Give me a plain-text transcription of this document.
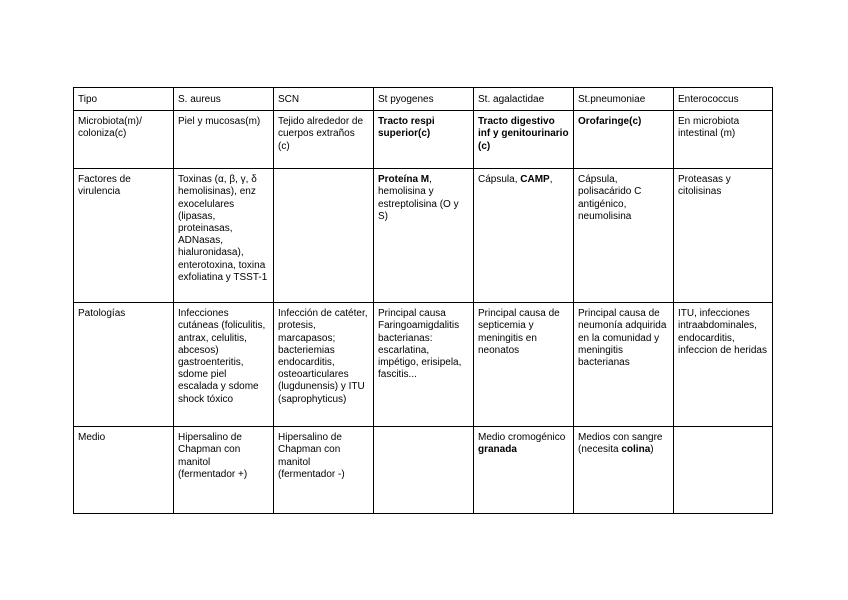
Tipo	S. aureus	SCN	St pyogenes	St. agalactidae	St.pneumoniae	Enterococcus
Microbiota(m)/ colonizа(c)	Piel y mucosas(m)	Tejido alrededor de cuerpos extraños (c)	Tracto respi superior(c)	Tracto digestivo inf y genitourinario (c)	Orofaringe(c)	En microbiota intestinal (m)

Factores de virulencia	Toxinas (α, β, γ, δ hemolisinas), enz exocelulares (lipasas, proteinasas, ADNasas, hialuronidasa), enterotoxina, toxina exfoliatina y TSST-1		Proteína M, hemolisina y estreptolisina (O y S)	Cápsula, CAMP,	Cápsula, polisacárido C antigénico, neumolisina	Proteasas y citolisinas

Patologías	Infecciones cutáneas (foliculitis, antrax, celulitis, abcesos) gastroenteritis, sdome piel escalada y sdome shock tóxico	Infección de catéter, protesis, marcapasos; bacteriemias endocarditis, osteoarticulares (lugdunensis) y ITU (saprophyticus)	Principal causa Faringoamigdalitis bacterianas: escarlatina, impétigo, erisipela, fascitis...	Principal causa de septicemia y meningitis en neonatos	Principal causa de neumonía adquirida en la comunidad y meningitis bacterianas	ITU, infecciones intraabdominales, endocarditis, infeccion de heridas

Medio	Hipersalino de Chapman con manitol (fermentador +)	Hipersalino de Chapman con manitol (fermentador -)		Medio cromogénico granada	Medios con sangre (necesita colina)	
